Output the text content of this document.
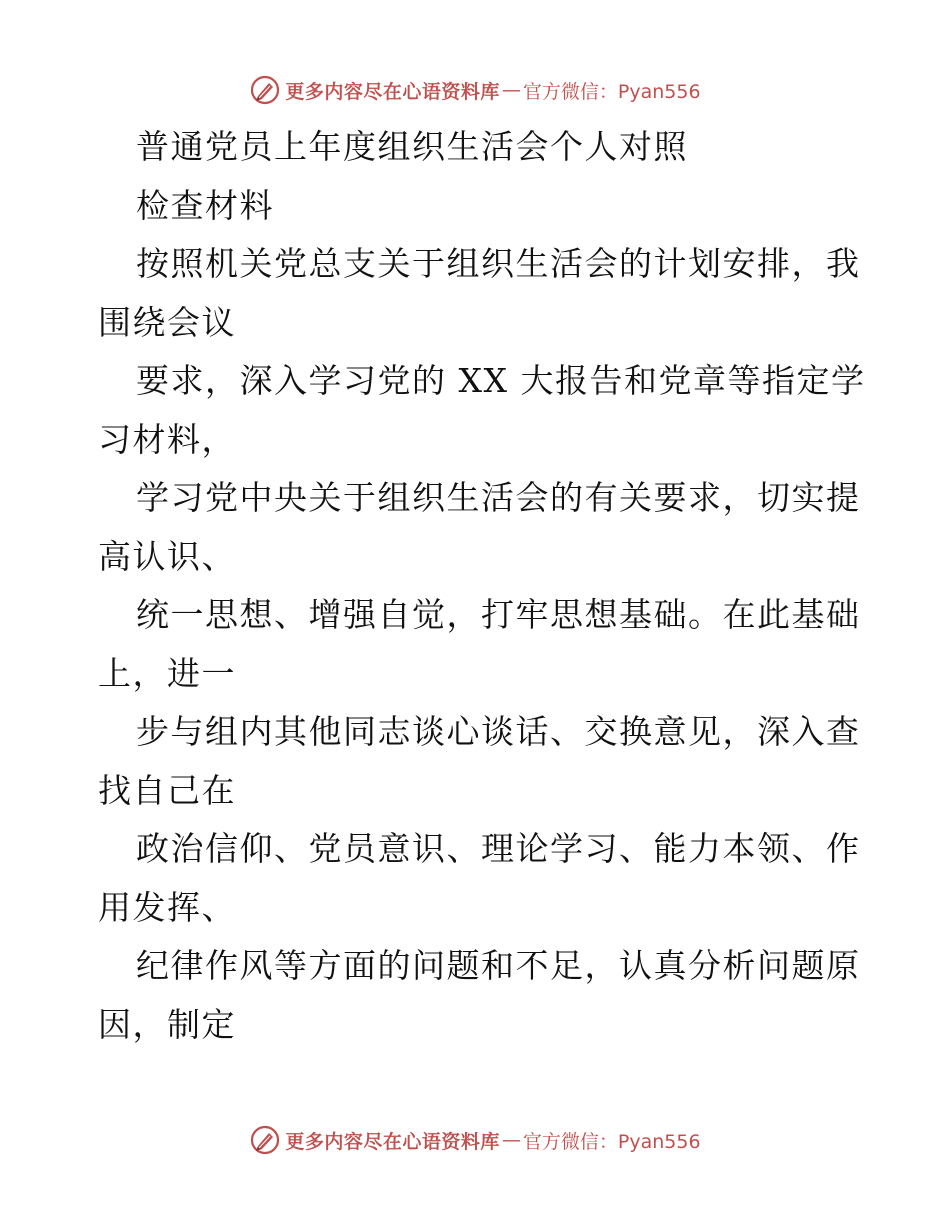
更多内容尽在心语资料库 — 官方微信：Pyan556
普通党员上年度组织生活会个人对照
检查材料
按照机关党总支关于组织生活会的计划安排，我
围绕会议
要求，深入学习党的 XX 大报告和党章等指定学
习材料，
学习党中央关于组织生活会的有关要求，切实提
高认识、
统一思想、增强自觉，打牢思想基础。在此基础
上，进一
步与组内其他同志谈心谈话、交换意见，深入查
找自己在
政治信仰、党员意识、理论学习、能力本领、作
用发挥、
纪律作风等方面的问题和不足，认真分析问题原
因，制定
更多内容尽在心语资料库 — 官方微信：Pyan556
